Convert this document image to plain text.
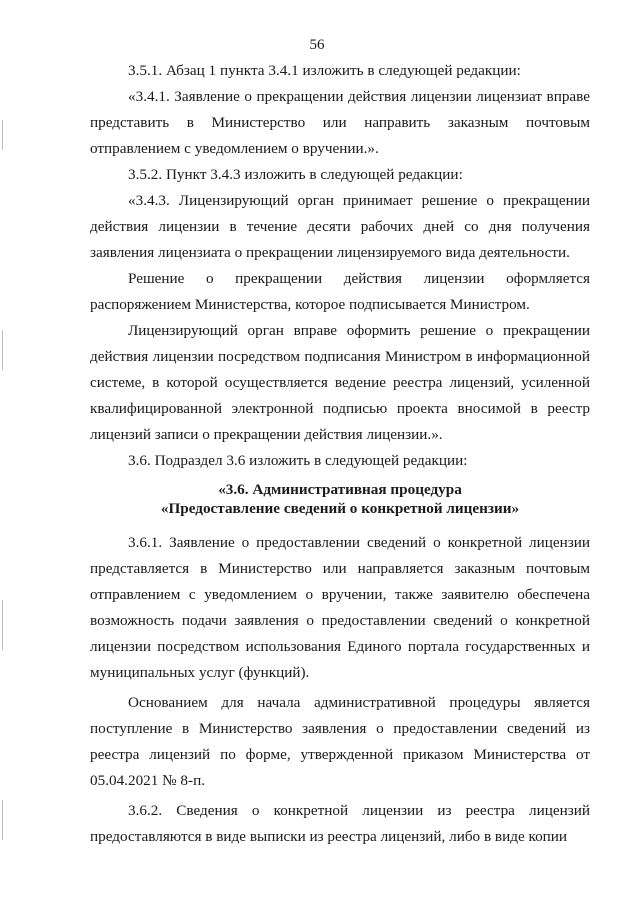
56

3.5.1. Абзац 1 пункта 3.4.1 изложить в следующей редакции:

«3.4.1. Заявление о прекращении действия лицензии лицензиат вправе представить в Министерство или направить заказным почтовым отправлением с уведомлением о вручении.».

3.5.2. Пункт 3.4.3 изложить в следующей редакции:

«3.4.3. Лицензирующий орган принимает решение о прекращении действия лицензии в течение десяти рабочих дней со дня получения заявления лицензиата о прекращении лицензируемого вида деятельности.

Решение о прекращении действия лицензии оформляется распоряжением Министерства, которое подписывается Министром.

Лицензирующий орган вправе оформить решение о прекращении действия лицензии посредством подписания Министром в информационной системе, в которой осуществляется ведение реестра лицензий, усиленной квалифицированной электронной подписью проекта вносимой в реестр лицензий записи о прекращении действия лицензии.».

3.6. Подраздел 3.6 изложить в следующей редакции:

«3.6. Административная процедура

«Предоставление сведений о конкретной лицензии»

3.6.1. Заявление о предоставлении сведений о конкретной лицензии представляется в Министерство или направляется заказным почтовым отправлением с уведомлением о вручении, также заявителю обеспечена возможность подачи заявления о предоставлении сведений о конкретной лицензии посредством использования Единого портала государственных и муниципальных услуг (функций).

Основанием для начала административной процедуры является поступление в Министерство заявления о предоставлении сведений из реестра лицензий по форме, утвержденной приказом Министерства от 05.04.2021 № 8-п.

3.6.2. Сведения о конкретной лицензии из реестра лицензий предоставляются в виде выписки из реестра лицензий, либо в виде копии
